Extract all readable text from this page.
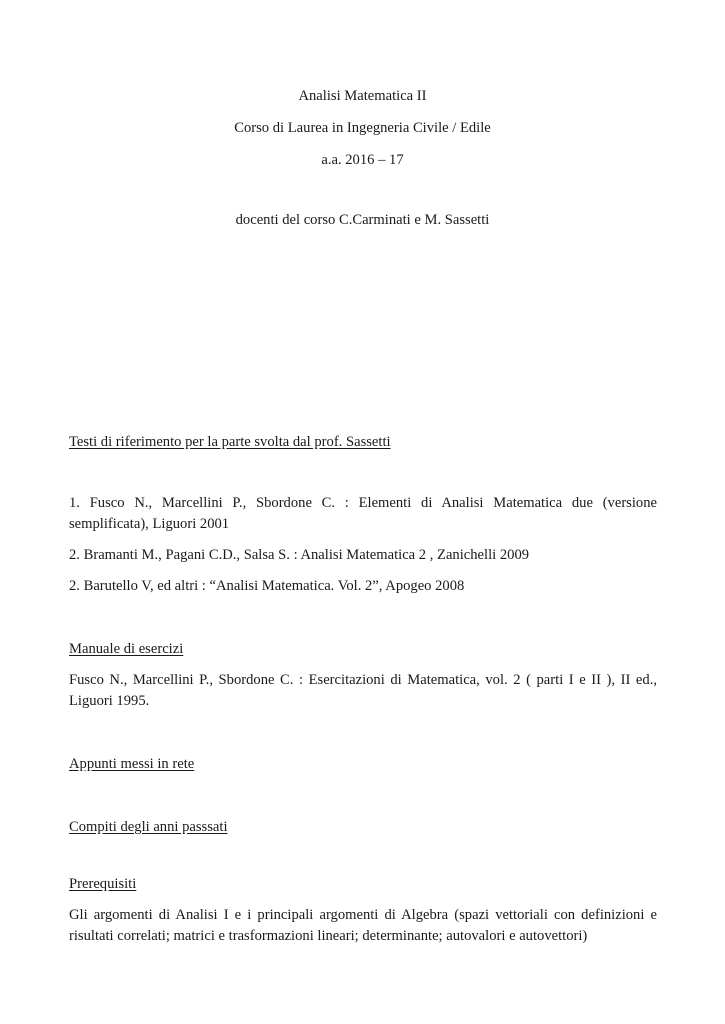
Analisi Matematica II
Corso di Laurea in Ingegneria Civile / Edile
a.a. 2016 – 17
docenti del corso C.Carminati e M. Sassetti
Testi di riferimento per la parte svolta dal prof. Sassetti
1. Fusco N., Marcellini P., Sbordone C. : Elementi di Analisi Matematica due (versione semplificata), Liguori 2001
2. Bramanti M., Pagani C.D., Salsa S. : Analisi Matematica 2 , Zanichelli 2009
2. Barutello V, ed altri : “Analisi Matematica. Vol. 2”, Apogeo 2008
Manuale di esercizi
Fusco N., Marcellini P., Sbordone C. : Esercitazioni di Matematica, vol. 2 ( parti I e II ), II ed., Liguori 1995.
Appunti messi in rete
Compiti degli anni passsati
Prerequisiti
Gli argomenti di Analisi I e i principali argomenti di Algebra (spazi vettoriali con definizioni e risultati correlati; matrici e trasformazioni lineari; determinante; autovalori e autovettori)
